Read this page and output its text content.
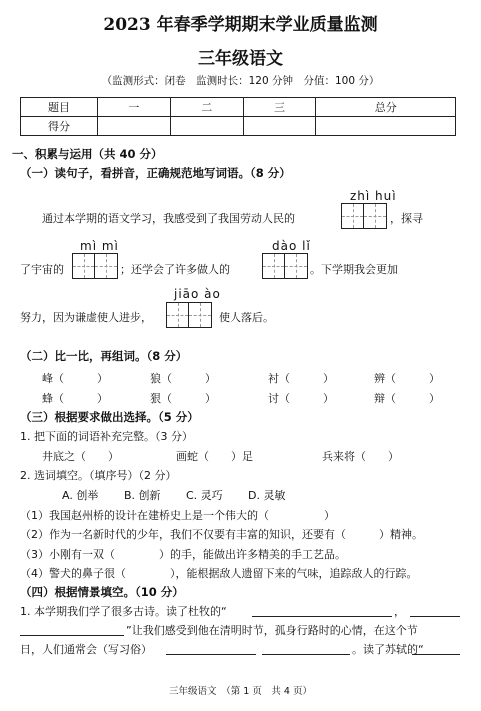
2023 年春季学期期末学业质量监测
三年级语文
（监测形式：闭卷　监测时长：120 分钟　分值：100 分）
题目	一	二	三	总分
得分				
一、积累与运用（共 40 分）
（一）读句子，看拼音，正确规范地写词语。（8 分）
zhì huì
通过本学期的语文学习，我感受到了我国劳动人民的	，探寻
mì mì	dào lǐ
了宇宙的	；还学会了许多做人的	。下学期我会更加
jiāo ào
努力，因为谦虚使人进步，	使人落后。
（二）比一比，再组词。（8 分）
峰（　　　）	狼（　　　）	衬（　　　）	辨（　　　）
蜂（　　　）	狠（　　　）	讨（　　　）	辩（　　　）
（三）根据要求做出选择。（5 分）
1. 把下面的词语补充完整。（3 分）
井底之（　　）	画蛇（　　）足	兵来将（　　）
2. 选词填空。（填序号）（2 分）
A. 创举 B. 创新 C. 灵巧 D. 灵敏
（1）我国赵州桥的设计在建桥史上是一个伟大的（　　　　　）
（2）作为一名新时代的少年，我们不仅要有丰富的知识，还要有（　　　）精神。
（3）小刚有一双（　　　　）的手，能做出许多精美的手工艺品。
（4）警犬的鼻子很（　　　　），能根据敌人遗留下来的气味，追踪敌人的行踪。
（四）根据情景填空。（10 分）
1. 本学期我们学了很多古诗。读了杜牧的“	，
”让我们感受到他在清明时节，孤身行路时的心情，在这个节
日，人们通常会（写习俗）	。读了苏轼的“
三年级语文　（第 1 页　共 4 页）
